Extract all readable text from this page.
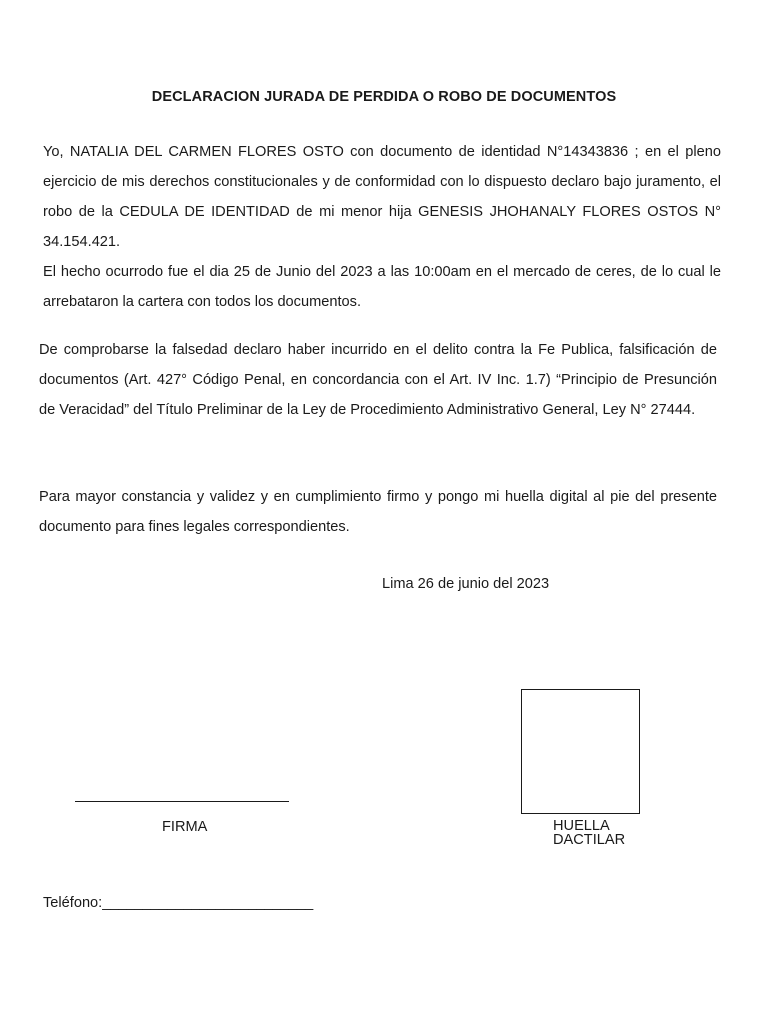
DECLARACION JURADA DE PERDIDA O ROBO DE DOCUMENTOS

Yo, NATALIA DEL CARMEN FLORES OSTO con documento de identidad N°14343836 ; en el pleno ejercicio de mis derechos constitucionales y de conformidad con lo dispuesto declaro bajo juramento, el robo de la CEDULA DE IDENTIDAD de mi menor hija GENESIS JHOHANALY FLORES OSTOS N° 34.154.421.

El hecho ocurrodo fue el dia 25 de Junio del 2023 a las 10:00am en el mercado de ceres, de lo cual le arrebataron la cartera con todos los documentos.

De comprobarse la falsedad declaro haber incurrido en el delito contra la Fe Publica, falsificación de documentos (Art. 427° Código Penal, en concordancia con el Art. IV Inc. 1.7) “Principio de Presunción de Veracidad” del Título Preliminar de la Ley de Procedimiento Administrativo General, Ley N° 27444.

Para mayor constancia y validez y en cumplimiento firmo y pongo mi huella digital al pie del presente documento para fines legales correspondientes.

Lima 26 de junio del 2023
FIRMA	HUELLA
DACTILAR
Teléfono:__________________________
